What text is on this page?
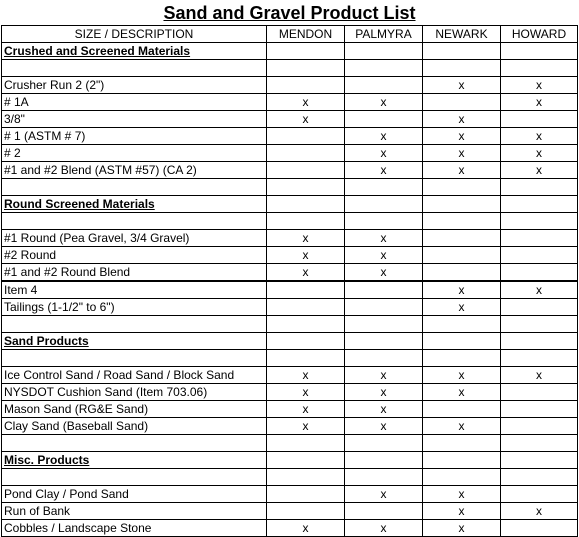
Sand and Gravel Product List
SIZE / DESCRIPTION	MENDON	PALMYRA	NEWARK	HOWARD
Crushed and Screened Materials				

Crusher Run 2 (2")			x	x
# 1A	x	x		x
3/8"	x		x	
# 1 (ASTM # 7)		x	x	x
# 2		x	x	x
#1 and #2 Blend (ASTM #57) (CA 2)		x	x	x

Round Screened Materials				

#1 Round (Pea Gravel, 3/4 Gravel)	x	x		
#2 Round	x	x		
#1 and #2 Round Blend	x	x		
Item 4			x	x
Tailings (1-1/2" to 6")			x	

Sand Products				

Ice Control Sand / Road Sand / Block Sand	x	x	x	x
NYSDOT Cushion Sand (Item 703.06)	x	x	x	
Mason Sand (RG&E Sand)	x	x		
Clay Sand (Baseball Sand)	x	x	x	

Misc. Products				

Pond Clay / Pond Sand		x	x	
Run of Bank			x	x
Cobbles / Landscape Stone	x	x	x	
